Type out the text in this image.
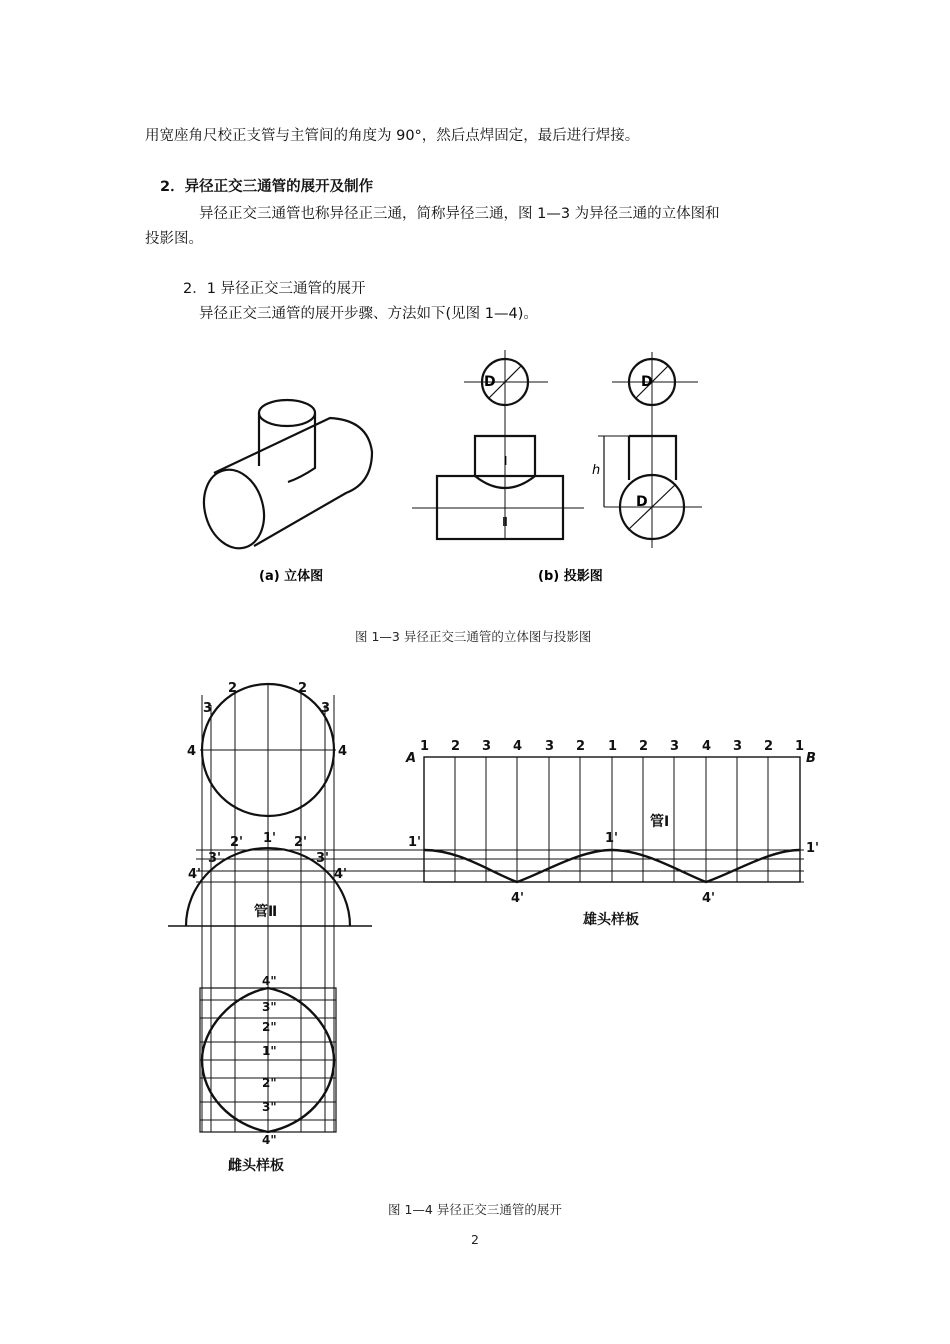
用宽座角尺校正支管与主管间的角度为 90°，然后点焊固定，最后进行焊接。
2．异径正交三通管的展开及制作
异径正交三通管也称异径正三通，简称异径三通，图 1—3 为异径三通的立体图和
投影图。
2．1 异径正交三通管的展开
异径正交三通管的展开步骤、方法如下(见图 1—4)。
D	D
D
Ⅰ
Ⅱ
h
(a) 立体图	(b) 投影图
图 1—3 异径正交三通管的立体图与投影图
2
3
4
2
3
4
2' 1' 2'
3'	3'
4'	4'
管Ⅱ
管Ⅰ
A	B
1 2 3 4 3 2 1 2 3 4 3 2 1
1'	1'
1'
4'	4'
雄头样板
4"
3"
2"
1"
2"
3"
4"
雌头样板
图 1—4 异径正交三通管的展开
2
